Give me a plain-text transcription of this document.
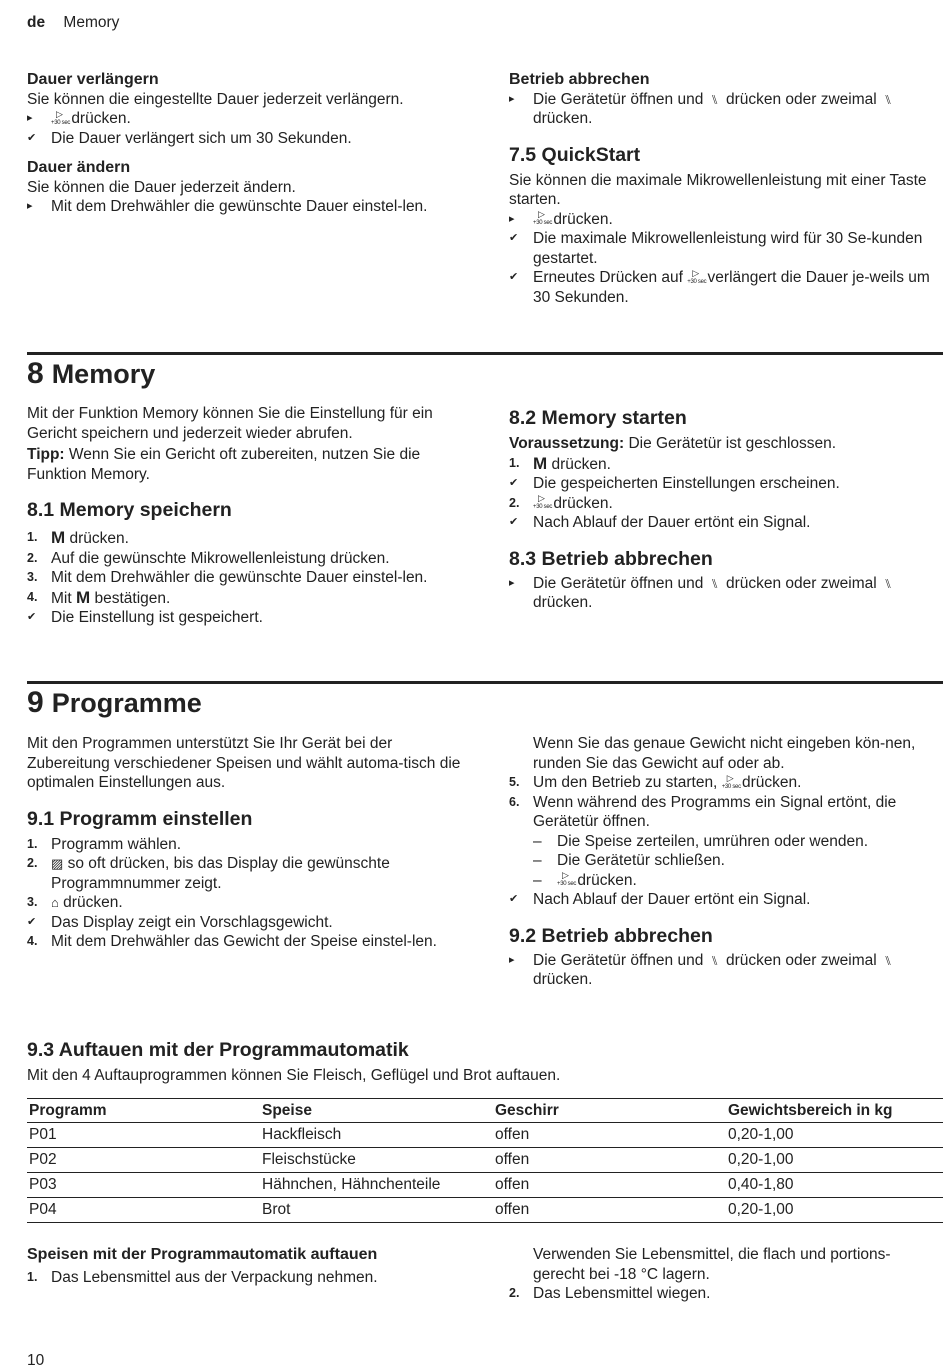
de Memory
Dauer verlängern
Sie können die eingestellte Dauer jederzeit verlängern.
▸	▷
+30 sec drücken.
✔ Die Dauer verlängert sich um 30 Sekunden.
Dauer ändern
Sie können die Dauer jederzeit ändern.
▸ Mit dem Drehwähler die gewünschte Dauer einstel-len.
Betrieb abbrechen
▸ Die Gerätetür öffnen und ⑊ drücken oder zweimal ⑊ drücken.
7.5 QuickStart
Sie können die maximale Mikrowellenleistung mit einer Taste starten.
▸	▷
+30 sec drücken.
✔ Die maximale Mikrowellenleistung wird für 30 Se-kunden gestartet.
✔ Erneutes Drücken auf ▷
+30 sec verlängert die Dauer je-weils um 30 Sekunden.
8 Memory
Mit der Funktion Memory können Sie die Einstellung für ein Gericht speichern und jederzeit wieder abrufen.
Tipp: Wenn Sie ein Gericht oft zubereiten, nutzen Sie die Funktion Memory.
8.1 Memory speichern
1. M drücken.
2. Auf die gewünschte Mikrowellenleistung drücken.
3. Mit dem Drehwähler die gewünschte Dauer einstel-len.
4. Mit M bestätigen.
✔ Die Einstellung ist gespeichert.
8.2 Memory starten
Voraussetzung: Die Gerätetür ist geschlossen.
1. M drücken.
✔ Die gespeicherten Einstellungen erscheinen.
2. ▷
+30 sec drücken.
✔ Nach Ablauf der Dauer ertönt ein Signal.
8.3 Betrieb abbrechen
▸ Die Gerätetür öffnen und ⑊ drücken oder zweimal ⑊ drücken.
9 Programme
Mit den Programmen unterstützt Sie Ihr Gerät bei der Zubereitung verschiedener Speisen und wählt automa-tisch die optimalen Einstellungen aus.
9.1 Programm einstellen
1. Programm wählen.
2. ▨ so oft drücken, bis das Display die gewünschte Programmnummer zeigt.
3. ⌂ drücken.
✔ Das Display zeigt ein Vorschlagsgewicht.
4. Mit dem Drehwähler das Gewicht der Speise einstel-len.
Wenn Sie das genaue Gewicht nicht eingeben kön-nen, runden Sie das Gewicht auf oder ab.
5. Um den Betrieb zu starten, ▷
+30 sec drücken.
6. Wenn während des Programms ein Signal ertönt, die Gerätetür öffnen.
– Die Speise zerteilen, umrühren oder wenden.
– Die Gerätetür schließen.
– ▷
+30 sec drücken.
✔ Nach Ablauf der Dauer ertönt ein Signal.
9.2 Betrieb abbrechen
▸ Die Gerätetür öffnen und ⑊ drücken oder zweimal ⑊ drücken.
9.3 Auftauen mit der Programmautomatik
Mit den 4 Auftauprogrammen können Sie Fleisch, Geflügel und Brot auftauen.
Programm	Speise	Geschirr	Gewichtsbereich in kg
P01	Hackfleisch	offen	0,20-1,00
P02	Fleischstücke	offen	0,20-1,00
P03	Hähnchen, Hähnchenteile	offen	0,40-1,80
P04	Brot	offen	0,20-1,00
Speisen mit der Programmautomatik auftauen
1. Das Lebensmittel aus der Verpackung nehmen.
Verwenden Sie Lebensmittel, die flach und portions-gerecht bei -18 °C lagern.
2. Das Lebensmittel wiegen.
10
